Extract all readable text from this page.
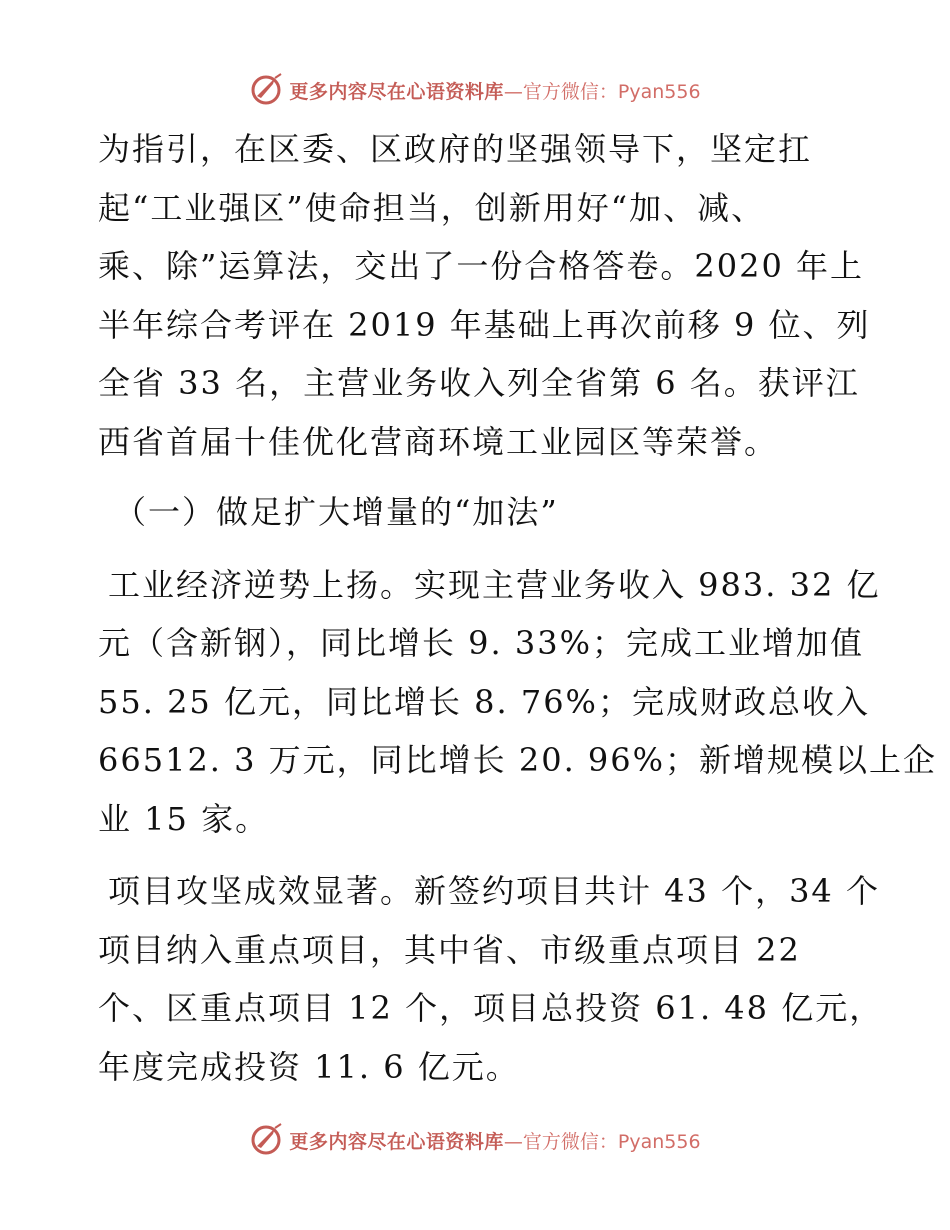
更多内容尽在心语资料库 —官方微信：Pyan556
为指引，在区委、区政府的坚强领导下，坚定扛
起“工业强区”使命担当，创新用好“加、减、
乘、除”运算法，交出了一份合格答卷。2020 年上
半年综合考评在 2019 年基础上再次前移 9 位、列
全省 33 名，主营业务收入列全省第 6 名。获评江
西省首届十佳优化营商环境工业园区等荣誉。
（一）做足扩大增量的“加法”
工业经济逆势上扬。实现主营业务收入 983. 32 亿
元（含新钢），同比增长 9. 33%；完成工业增加值
55. 25 亿元，同比增长 8. 76%；完成财政总收入
66512. 3 万元，同比增长 20. 96%；新增规模以上企
业 15 家。
项目攻坚成效显著。新签约项目共计 43 个，34 个
项目纳入重点项目，其中省、市级重点项目 22
个、区重点项目 12 个，项目总投资 61. 48 亿元，
年度完成投资 11. 6 亿元。
更多内容尽在心语资料库 —官方微信：Pyan556
